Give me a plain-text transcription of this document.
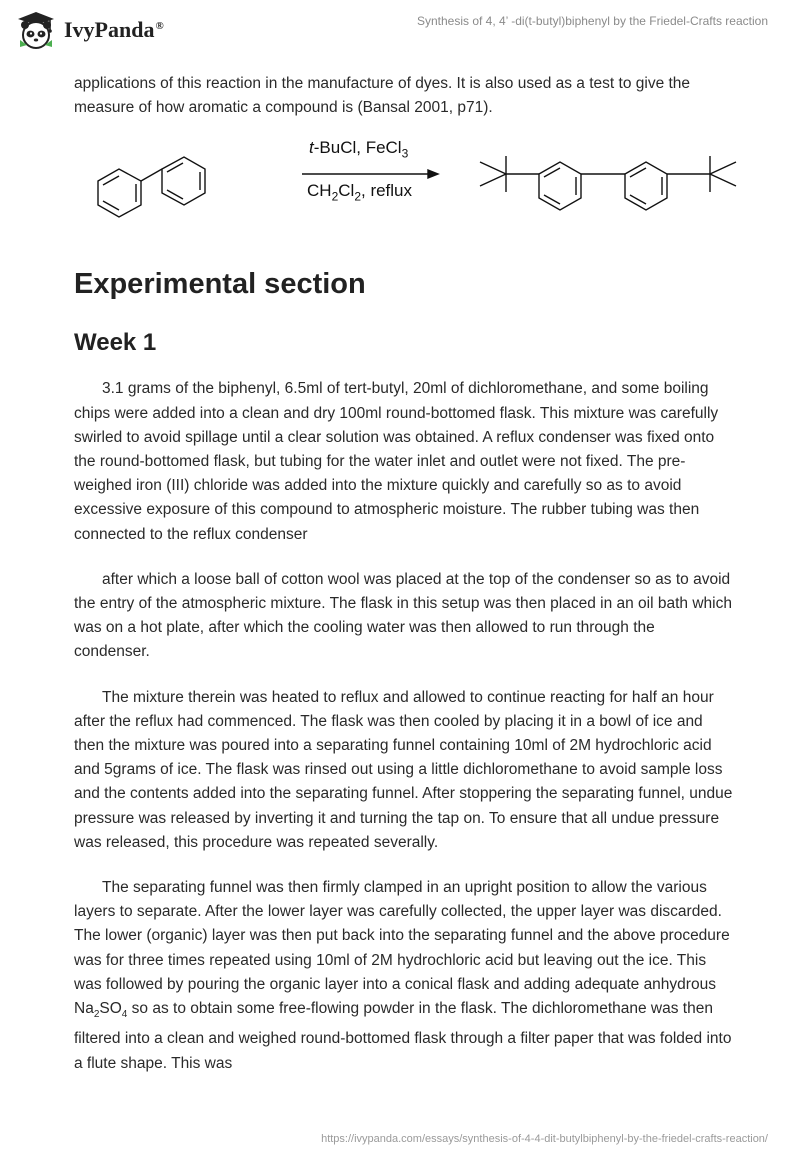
IvyPanda®	Synthesis of 4, 4’ -di(t-butyl)biphenyl by the Friedel-Crafts reaction

applications of this reaction in the manufacture of dyes. It is also used as a test to give the measure of how aromatic a compound is (Bansal 2001, p71).

t-BuCl, FeCl$_3$
$CH_2Cl_2$, reflux
Experimental section
Week 1

3.1 grams of the biphenyl, 6.5ml of tert-butyl, 20ml of dichloromethane, and some boiling chips were added into a clean and dry 100ml round-bottomed flask. This mixture was carefully swirled to avoid spillage until a clear solution was obtained. A reflux condenser was fixed onto the round-bottomed flask, but tubing for the water inlet and outlet were not fixed. The pre-weighed iron (III) chloride was added into the mixture quickly and carefully so as to avoid excessive exposure of this compound to atmospheric moisture. The rubber tubing was then connected to the reflux condenser

after which a loose ball of cotton wool was placed at the top of the condenser so as to avoid the entry of the atmospheric mixture. The flask in this setup was then placed in an oil bath which was on a hot plate, after which the cooling water was then allowed to run through the condenser.

The mixture therein was heated to reflux and allowed to continue reacting for half an hour after the reflux had commenced. The flask was then cooled by placing it in a bowl of ice and then the mixture was poured into a separating funnel containing 10ml of 2M hydrochloric acid and 5grams of ice. The flask was rinsed out using a little dichloromethane to avoid sample loss and the contents added into the separating funnel. After stoppering the separating funnel, undue pressure was released by inverting it and turning the tap on. To ensure that all undue pressure was released, this procedure was repeated severally.

The separating funnel was then firmly clamped in an upright position to allow the various layers to separate. After the lower layer was carefully collected, the upper layer was discarded. The lower (organic) layer was then put back into the separating funnel and the above procedure was for three times repeated using 10ml of 2M hydrochloric acid but leaving out the ice. This was followed by pouring the organic layer into a conical flask and adding adequate anhydrous $Na_2SO_4$ so as to obtain some free-flowing powder in the flask. The dichloromethane was then filtered into a clean and weighed round-bottomed flask through a filter paper that was folded into a flute shape. This was

https://ivypanda.com/essays/synthesis-of-4-4-dit-butylbiphenyl-by-the-friedel-crafts-reaction/
